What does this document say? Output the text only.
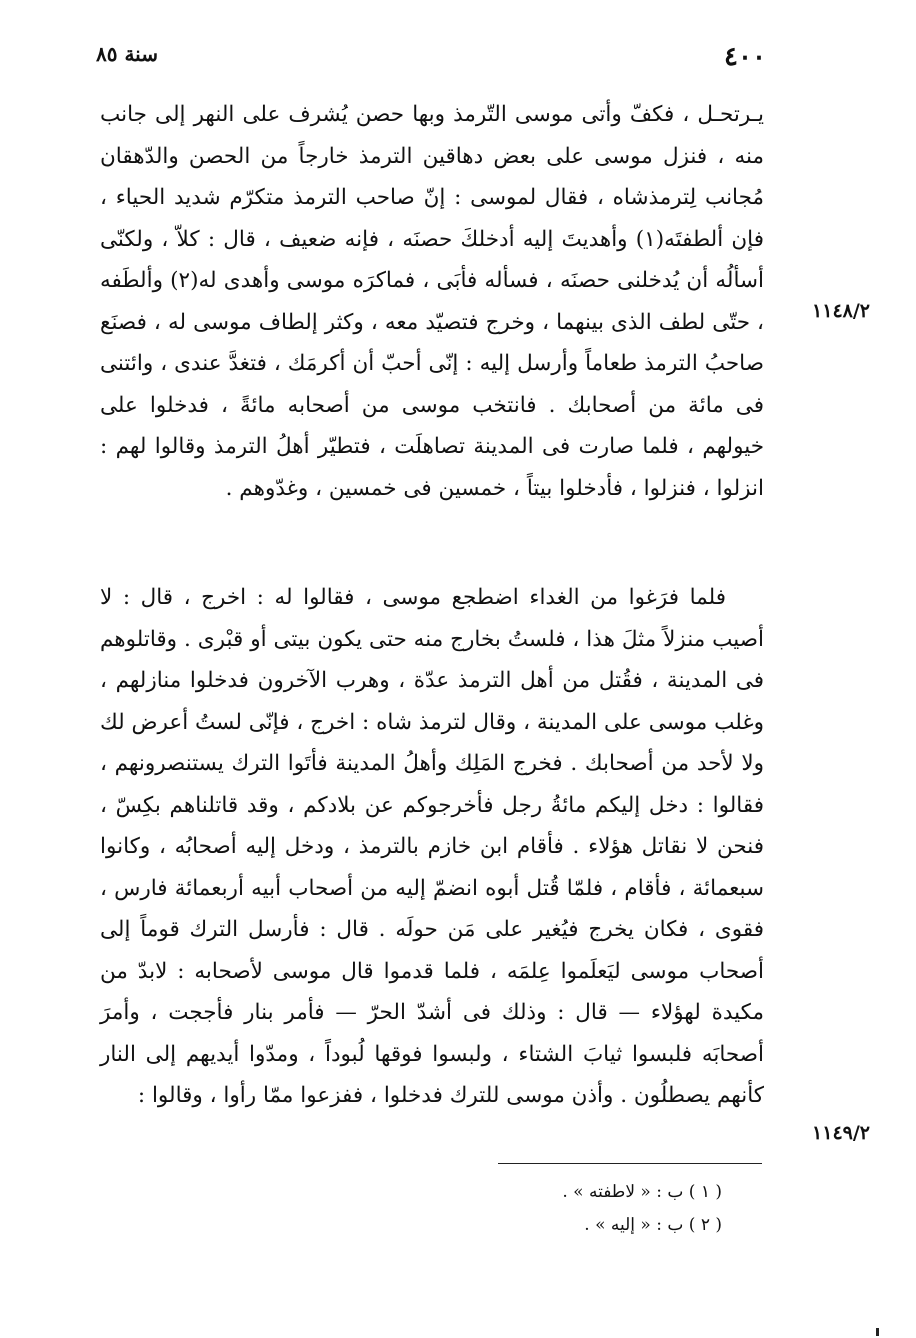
٤٠٠
سنة ٨٥
١١٤٨/٢
١١٤٩/٢
يـرتحـل ، فكفّ وأتى موسى التّرمذ وبها حصن يُشرف على النهر إلى جانب منه ، فنزل موسى على بعض دهاقين الترمذ خارجاً من الحصن والدّهقان مُجانب لِترمذشاه ، فقال لموسى : إنّ صاحب الترمذ متكرّم شديد الحياء ، فإن ألطفتَه(١) وأهديتَ إليه أدخلكَ حصنَه ، فإنه ضعيف ، قال : كلاّ ، ولكنّى أسألُه أن يُدخلنى حصنَه ، فسأله فأبَى ، فماكرَه موسى وأهدى له(٢) وألطَفه ، حتّى لطف الذى بينهما ، وخرج فتصيّد معه ، وكثر إلطاف موسى له ، فصنَع صاحبُ الترمذ طعاماً وأرسل إليه : إنّى أحبّ أن أكرمَك ، فتغدَّ عندى ، وائتنى فى مائة من أصحابك . فانتخب موسى من أصحابه مائةً ، فدخلوا على خيولهم ، فلما صارت فى المدينة تصاهلَت ، فتطيّر أهلُ الترمذ وقالوا لهم : انزلوا ، فنزلوا ، فأدخلوا بيتاً ، خمسين فى خمسين ، وغدّوهم .
فلما فرَغوا من الغداء اضطجع موسى ، فقالوا له : اخرج ، قال : لا أصيب منزلاً مثلَ هذا ، فلستُ بخارج منه حتى يكون بيتى أو قبْرى . وقاتلوهم فى المدينة ، فقُتل من أهل الترمذ عدّة ، وهرب الآخرون فدخلوا منازلهم ، وغلب موسى على المدينة ، وقال لترمذ شاه : اخرج ، فإنّى لستُ أعرض لك ولا لأحد من أصحابك . فخرج المَلِك وأهلُ المدينة فأتَوا الترك يستنصرونهم ، فقالوا : دخل إليكم مائةُ رجل فأخرجوكم عن بلادكم ، وقد قاتلناهم بكِسّ ، فنحن لا نقاتل هؤلاء . فأقام ابن خازم بالترمذ ، ودخل إليه أصحابُه ، وكانوا سبعمائة ، فأقام ، فلمّا قُتل أبوه انضمّ إليه من أصحاب أبيه أربعمائة فارس ، فقوى ، فكان يخرج فيُغير على مَن حولَه . قال : فأرسل الترك قوماً إلى أصحاب موسى ليَعلَموا عِلمَه ، فلما قدموا قال موسى لأصحابه : لابدّ من مكيدة لهؤلاء — قال : وذلك فى أشدّ الحرّ — فأمر بنار فأججت ، وأمرَ أصحابَه فلبسوا ثيابَ الشتاء ، ولبسوا فوقها لُبوداً ، ومدّوا أيديهم إلى النار كأنهم يصطلُون . وأذن موسى للترك فدخلوا ، ففزعوا ممّا رأوا ، وقالوا :
( ١ ) ب : « لاطفته » .
( ٢ ) ب : « إليه » .
